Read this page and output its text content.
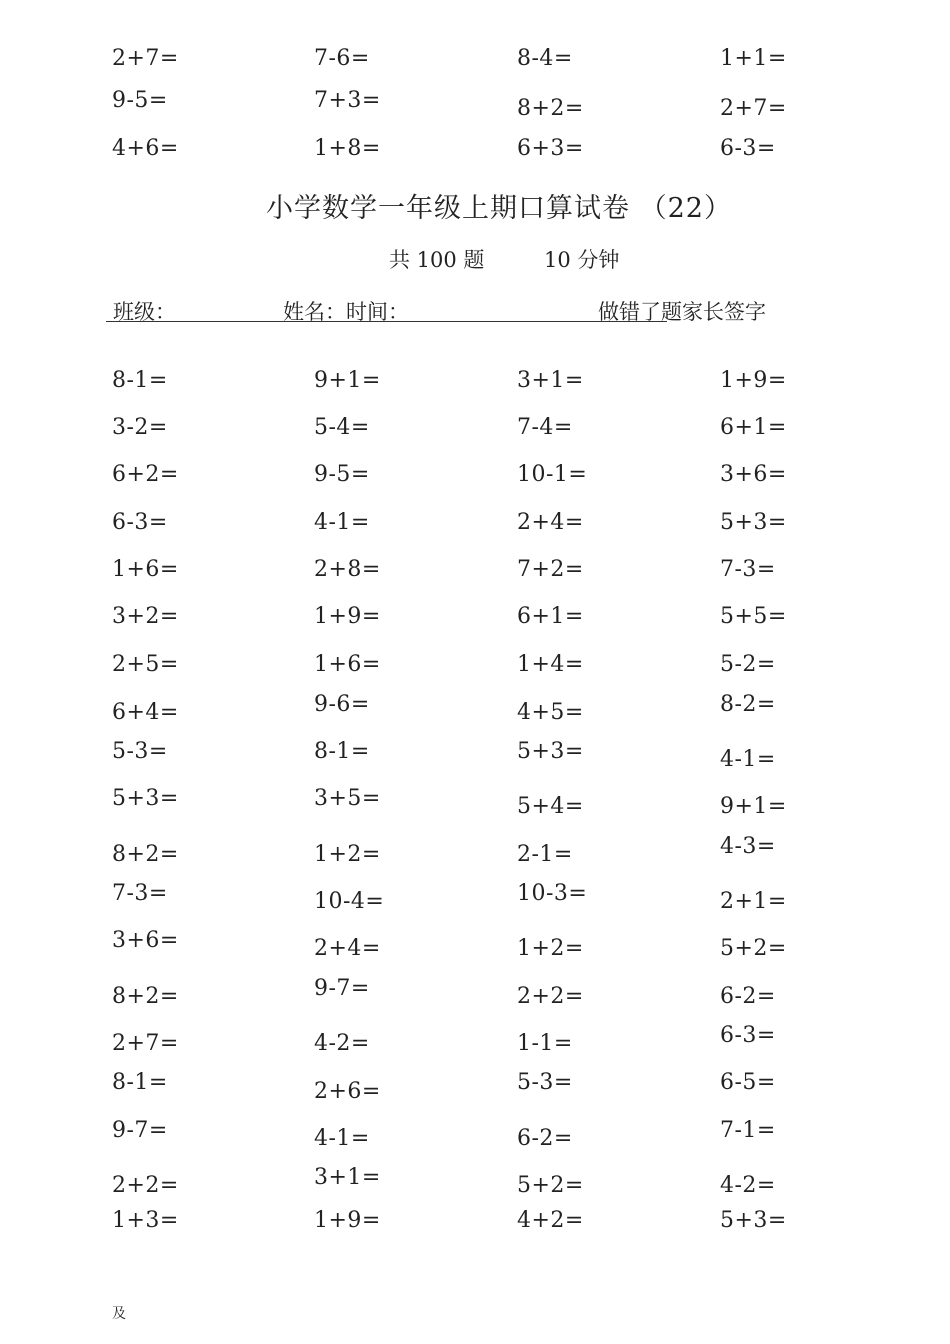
2+7=	7-6=	8-4=	1+1=
9-5=	7+3=	8+2=	2+7=
4+6=	1+8=	6+3=	6-3=
小学数学一年级上期口算试卷 （22）
共 100 题	10 分钟
班级：	姓名：时间：	做错了题家长签字
8-1=	9+1=	3+1=	1+9=
3-2=	5-4=	7-4=	6+1=
6+2=	9-5=	10-1=	3+6=
6-3=	4-1=	2+4=	5+3=
1+6=	2+8=	7+2=	7-3=
3+2=	1+9=	6+1=	5+5=
2+5=	1+6=	1+4=	5-2=
6+4=	9-6=	4+5=	8-2=
5-3=	8-1=	5+3=	4-1=
5+3=	3+5=	5+4=	9+1=
8+2=	1+2=	2-1=	4-3=
7-3=	10-4=	10-3=	2+1=
3+6=	2+4=	1+2=	5+2=
8+2=	9-7=	2+2=	6-2=
2+7=	4-2=	1-1=	6-3=
8-1=	2+6=	5-3=	6-5=
9-7=	4-1=	6-2=	7-1=
2+2=	3+1=	5+2=	4-2=
1+3=	1+9=	4+2=	5+3=
及
